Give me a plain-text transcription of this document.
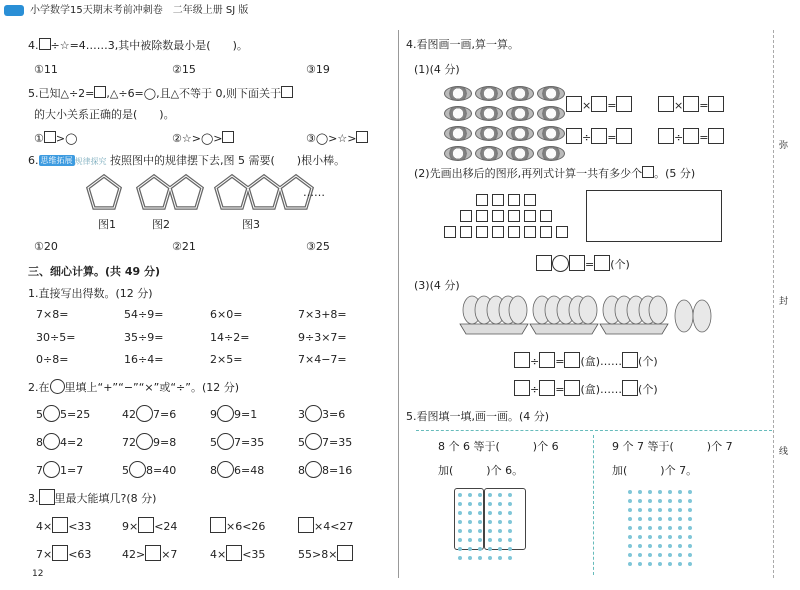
小学数学15天期末考前冲刺卷　二年级上册 SJ 版
4. ÷☆=4……3,其中被除数最小是(　　)。
①11	②15	③19
5.已知△÷2= ,△÷6=◯,且△不等于 0,则下面关于
的大小关系正确的是(　　)。
① >◯	②☆>◯>	③◯>☆>
6. 思维拓展 规律探究 按照图中的规律摆下去,图 5 需要(　　)根小棒。
……
图1	图2	图3
①20	②21	③25
三、细心计算。(共 49 分)
1.直接写出得数。(12 分)
7×8=	54÷9=	6×0=	7×3+8=
30÷5=	35÷9=	14÷2=	9÷3×7=
0÷8=	16÷4=	2×5=	7×4−7=
2.在 里填上“+”“−”“×”或“÷”。(12 分)
5 5=25	42 7=6	9 9=1	3 3=6
8 4=2	72 9=8	5 7=35	5 7=35
7 1=7	5 8=40	8 6=48	8 8=16
3. 里最大能填几?(8 分)
4× <33	9× <24	×6<26	×4<27
7× <63	42> ×7	4× <35	55>8×
12
4.看图画一画,算一算。
(1)(4 分)
× =	× =
÷ =	÷ =
(2)先画出移后的图形,再列式计算一共有多少个 。(5 分)
= (个)
(3)(4 分)
÷ = (盒)…… (个)
÷ = (盒)…… (个)
5.看图填一填,画一画。(4 分)
8 个 6 等于(　　　	)个 6
加(　　　	)个 6。
9 个 7 等于(　　　	)个 7
加(　　　	)个 7。
弥
封
线
